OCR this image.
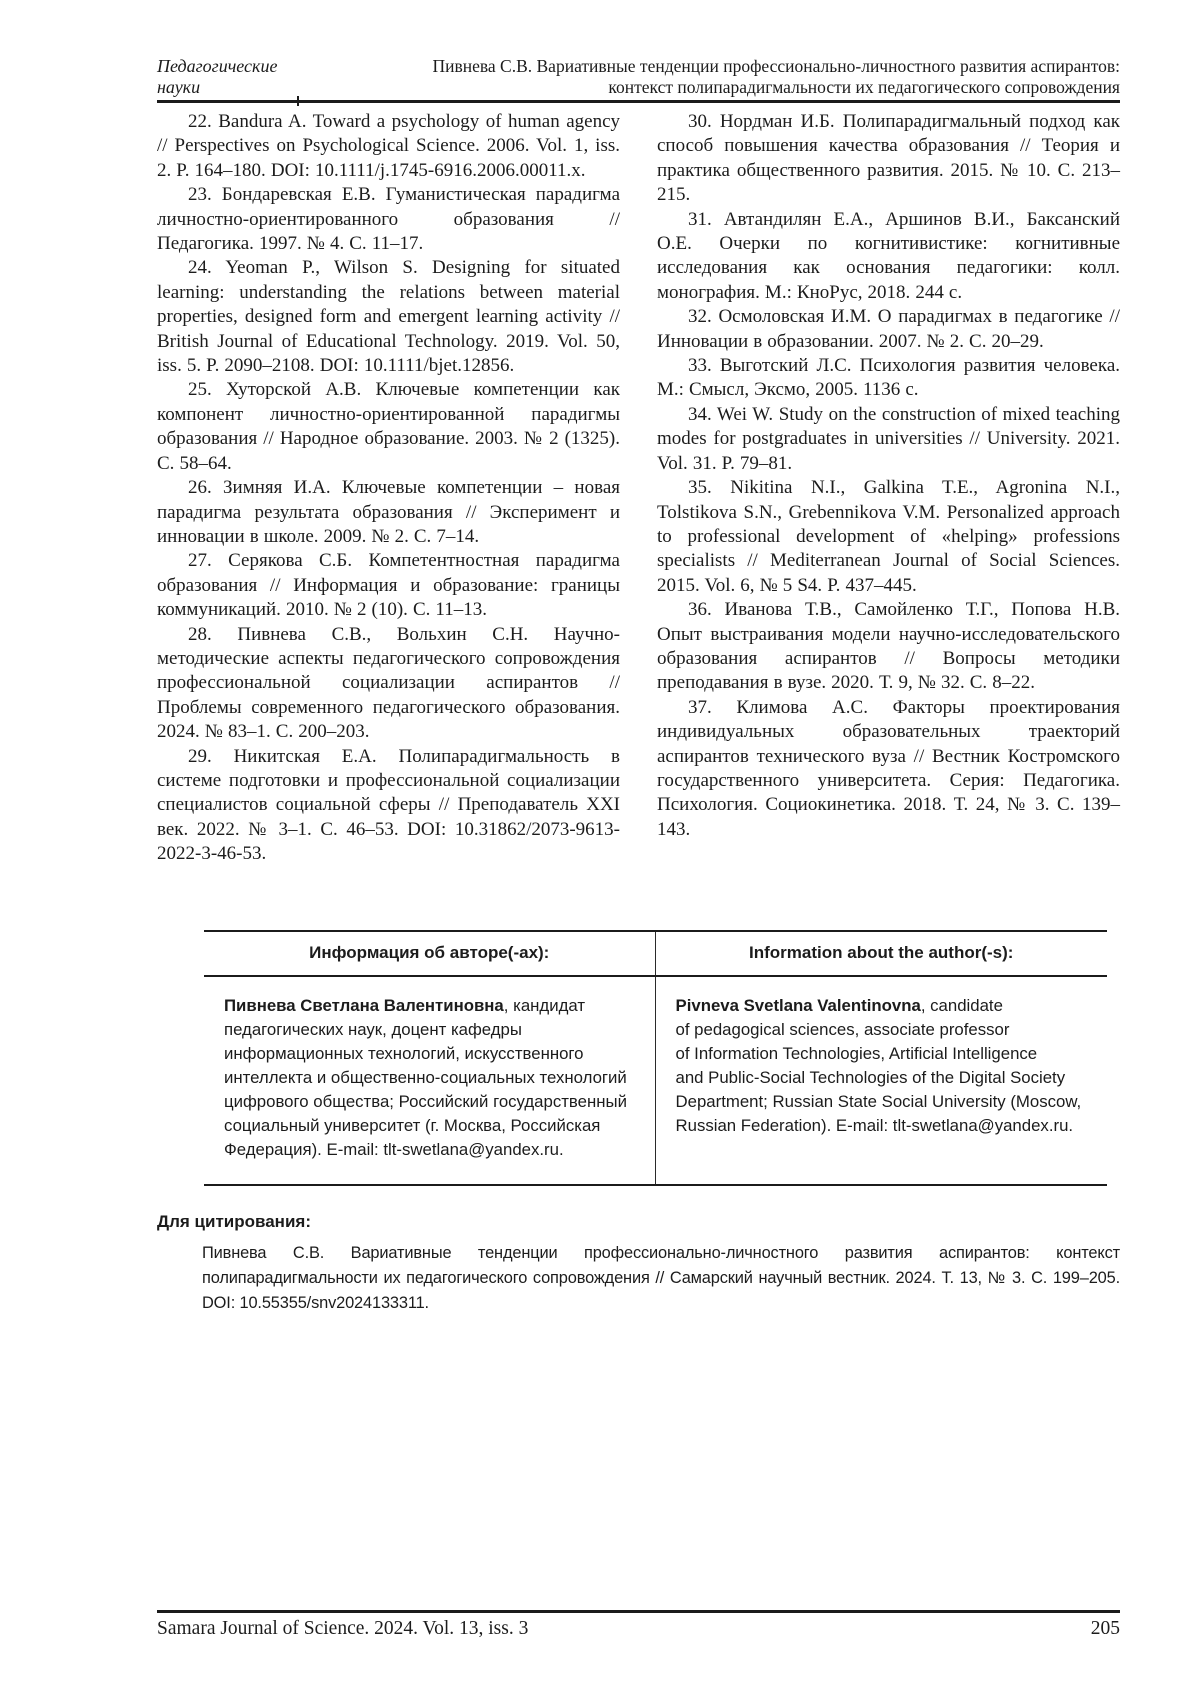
Педагогические
науки
Пивнева С.В. Вариативные тенденции профессионально-личностного развития аспирантов:
контекст полипарадигмальности их педагогического сопровождения

22. Bandura A. Toward a psychology of human agency // Perspectives on Psychological Science. 2006. Vol. 1, iss. 2. P. 164–180. DOI: 10.1111/j.1745-6916.2006.00011.x.

23. Бондаревская Е.В. Гуманистическая парадигма личностно-ориентированного образования // Педагогика. 1997. № 4. С. 11–17.

24. Yeoman P., Wilson S. Designing for situated learning: understanding the relations between material properties, designed form and emergent learning activity // British Journal of Educational Technology. 2019. Vol. 50, iss. 5. P. 2090–2108. DOI: 10.1111/bjet.12856.

25. Хуторской А.В. Ключевые компетенции как компонент личностно-ориентированной парадигмы образования // Народное образование. 2003. № 2 (1325). С. 58–64.

26. Зимняя И.А. Ключевые компетенции – новая парадигма результата образования // Эксперимент и инновации в школе. 2009. № 2. С. 7–14.

27. Серякова С.Б. Компетентностная парадигма образования // Информация и образование: границы коммуникаций. 2010. № 2 (10). С. 11–13.

28. Пивнева С.В., Вольхин С.Н. Научно-методические аспекты педагогического сопровождения профессиональной социализации аспирантов // Проблемы современного педагогического образования. 2024. № 83–1. С. 200–203.

29. Никитская Е.А. Полипарадигмальность в системе подготовки и профессиональной социализации специалистов социальной сферы // Преподаватель XXI век. 2022. № 3–1. С. 46–53. DOI: 10.31862/2073-9613-2022-3-46-53.

30. Нордман И.Б. Полипарадигмальный подход как способ повышения качества образования // Теория и практика общественного развития. 2015. № 10. С. 213–215.

31. Автандилян Е.А., Аршинов В.И., Баксанский О.Е. Очерки по когнитивистике: когнитивные исследования как основания педагогики: колл. монография. М.: КноРус, 2018. 244 с.

32. Осмоловская И.М. О парадигмах в педагогике // Инновации в образовании. 2007. № 2. С. 20–29.

33. Выготский Л.С. Психология развития человека. М.: Смысл, Эксмо, 2005. 1136 с.

34. Wei W. Study on the construction of mixed teaching modes for postgraduates in universities // University. 2021. Vol. 31. P. 79–81.

35. Nikitina N.I., Galkina T.E., Agronina N.I., Tolstikova S.N., Grebennikova V.M. Personalized approach to professional development of «helping» professions specialists // Mediterranean Journal of Social Sciences. 2015. Vol. 6, № 5 S4. P. 437–445.

36. Иванова Т.В., Самойленко Т.Г., Попова Н.В. Опыт выстраивания модели научно-исследовательского образования аспирантов // Вопросы методики преподавания в вузе. 2020. Т. 9, № 32. С. 8–22.

37. Климова А.С. Факторы проектирования индивидуальных образовательных траекторий аспирантов технического вуза // Вестник Костромского государственного университета. Серия: Педагогика. Психология. Социокинетика. 2018. Т. 24, № 3. С. 139–143.

Информация об авторе(-ах):	Information about the author(-s):
Пивнева Светлана Валентиновна, кандидат
педагогических наук, доцент кафедры
информационных технологий, искусственного
интеллекта и общественно-социальных технологий
цифрового общества; Российский государственный
социальный университет (г. Москва, Российская
Федерация). E-mail: tlt-swetlana@yandex.ru.
Pivneva Svetlana Valentinovna, candidate
of pedagogical sciences, associate professor
of Information Technologies, Artificial Intelligence
and Public-Social Technologies of the Digital Society
Department; Russian State Social University (Moscow,
Russian Federation). E-mail: tlt-swetlana@yandex.ru.
Для цитирования:
Пивнева С.В. Вариативные тенденции профессионально-личностного развития аспирантов: контекст полипарадигмальности их педагогического сопровождения // Самарский научный вестник. 2024. Т. 13, № 3. С. 199–205. DOI: 10.55355/snv2024133311.
Samara Journal of Science. 2024. Vol. 13, iss. 3	205
